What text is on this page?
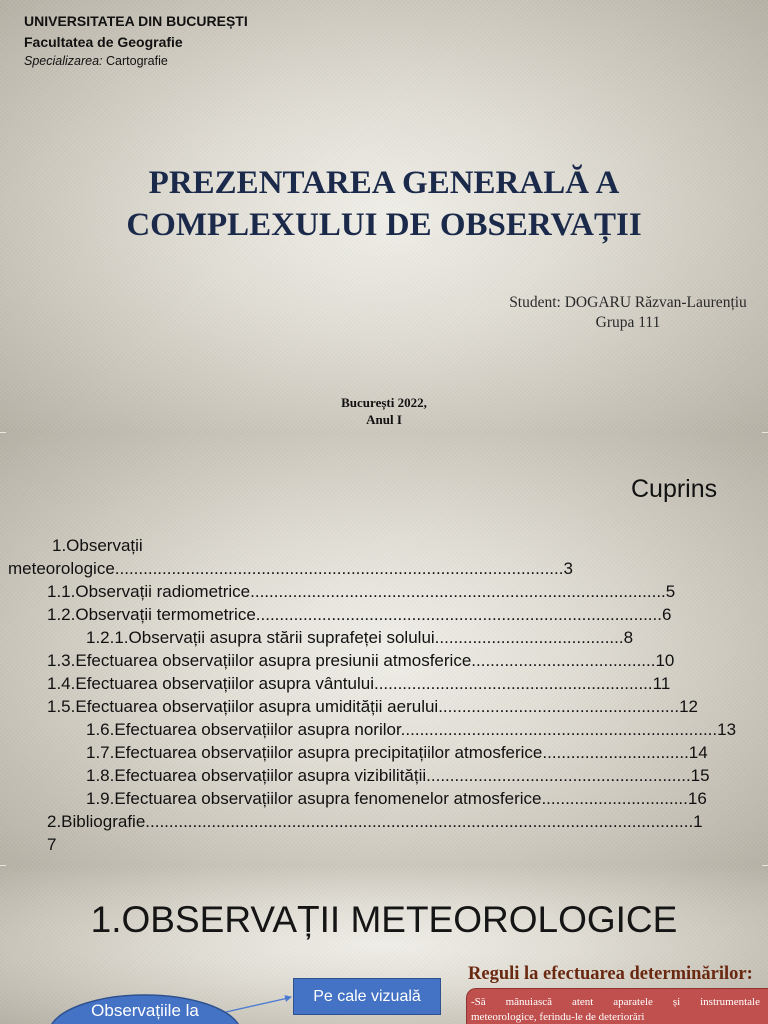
UNIVERSITATEA DIN BUCUREȘTI
Facultatea de Geografie
Specializarea: Cartografie
PREZENTAREA GENERALĂ A
COMPLEXULUI DE OBSERVAȚII
Student: DOGARU Răzvan-Laurențiu
Grupa 111
București 2022,
Anul I
Cuprins
1.Observații
meteorologice...............................................................................................3
1.1.Observații radiometrice........................................................................................5
1.2.Observații termometrice......................................................................................6
1.2.1.Observații asupra stării suprafeței solului........................................8
1.3.Efectuarea observațiilor asupra presiunii atmosferice.......................................10
1.4.Efectuarea observațiilor asupra vântului...........................................................11
1.5.Efectuarea observațiilor asupra umidității aerului...................................................12
1.6.Efectuarea observațiilor asupra norilor...................................................................13
1.7.Efectuarea observațiilor asupra precipitațiilor atmosferice...............................14
1.8.Efectuarea observațiilor asupra vizibilității........................................................15
1.9.Efectuarea observațiilor asupra fenomenelor atmosferice...............................16
2.Bibliografie....................................................................................................................1
7
1.OBSERVAȚII METEOROLOGICE
Observațiile la
Pe cale vizuală
Reguli la efectuarea determinărilor:
-Să mânuiască atent aparatele și instrumentale
meteorologice, ferindu-le de deteriorări
